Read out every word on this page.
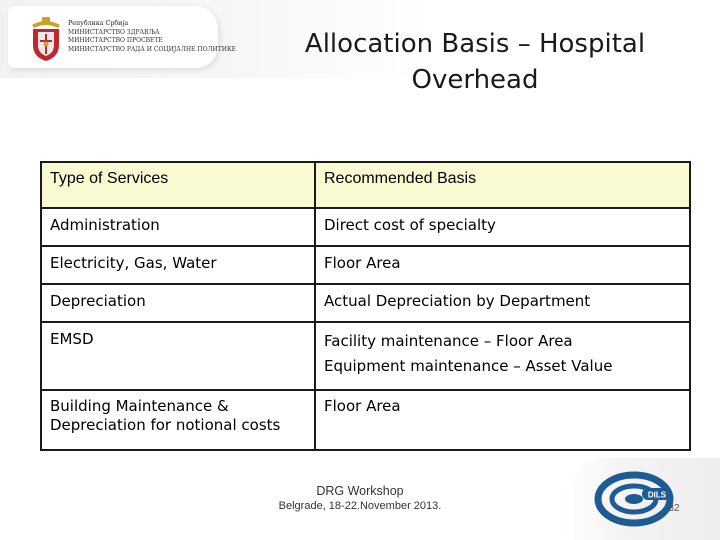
Република Србија
МИНИСТАРСТВО ЗДРАВЉА
МИНИСТАРСТВО ПРОСВЕТЕ
МИНИСТАРСТВО РАДА И СОЦИЈАЛНЕ ПОЛИТИКЕ	Allocation Basis – Hospital
Overhead
Type of Services	Recommended Basis
Administration	Direct cost of specialty
Electricity, Gas, Water	Floor Area
Depreciation	Actual Depreciation by Department
EMSD	Facility maintenance – Floor Area
Equipment maintenance – Asset Value

Building Maintenance &
Depreciation for notional costs	Floor Area
DRG Workshop
Belgrade, 18-22.November 2013.
DILS
32
